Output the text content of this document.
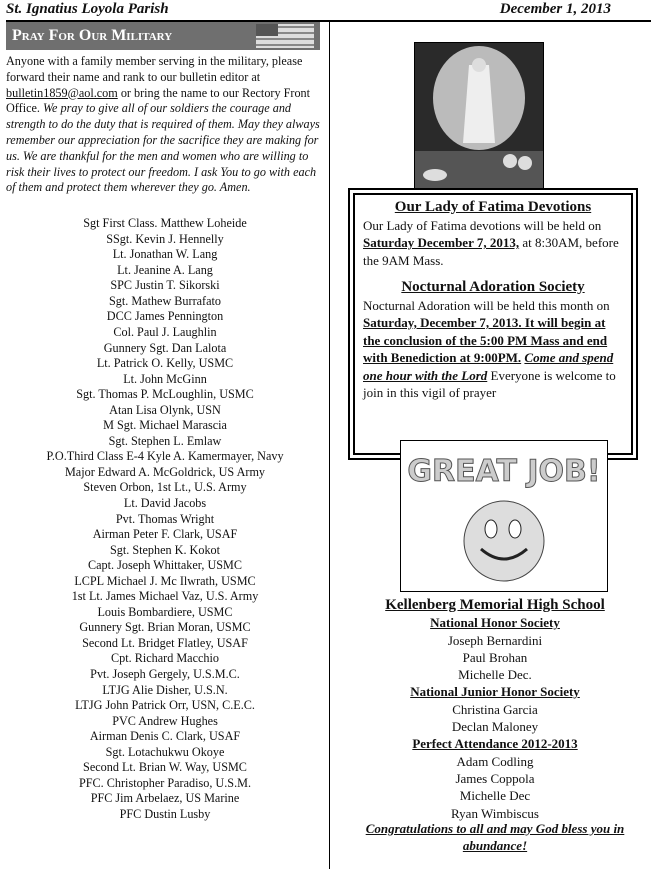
St. Ignatius Loyola Parish	December 1, 2013
Pray For Our Military
Anyone with a family member serving in the military, please forward their name and rank to our bulletin editor at bulletin1859@aol.com or bring the name to our Rectory Front Office. We pray to give all of our soldiers the courage and strength to do the duty that is required of them. May they always remember our appreciation for the sacrifice they are making for us. We are thankful for the men and women who are willing to risk their lives to protect our freedom. I ask You to go with each of them and protect them wherever they go. Amen.
Sgt First Class. Matthew Loheide
SSgt. Kevin J. Hennelly
Lt. Jonathan W. Lang
Lt. Jeanine A. Lang
SPC Justin T. Sikorski
Sgt. Mathew Burrafato
DCC James Pennington
Col. Paul J. Laughlin
Gunnery Sgt. Dan Lalota
Lt. Patrick O. Kelly, USMC
Lt. John McGinn
Sgt. Thomas P. McLoughlin, USMC
Atan Lisa Olynk, USN
M Sgt. Michael Marascia
Sgt. Stephen L. Emlaw
P.O.Third Class E-4 Kyle A. Kamermayer, Navy
Major Edward A. McGoldrick, US Army
Steven Orbon, 1st Lt., U.S. Army
Lt. David Jacobs
Pvt. Thomas Wright
Airman Peter F. Clark, USAF
Sgt. Stephen K. Kokot
Capt. Joseph Whittaker, USMC
LCPL Michael J. Mc Ilwrath, USMC
1st Lt. James Michael Vaz, U.S. Army
Louis Bombardiere, USMC
Gunnery Sgt. Brian Moran, USMC
Second Lt. Bridget Flatley, USAF
Cpt. Richard Macchio
Pvt. Joseph Gergely, U.S.M.C.
LTJG Alie Disher, U.S.N.
LTJG John Patrick Orr, USN, C.E.C.
PVC Andrew Hughes
Airman Denis C. Clark, USAF
Sgt. Lotachukwu Okoye
Second Lt. Brian W. Way, USMC
PFC. Christopher Paradiso, U.S.M.
PFC Jim Arbelaez, US Marine
PFC Dustin Lusby
Our Lady of Fatima Devotions
Our Lady of Fatima devotions will be held on Saturday December 7, 2013, at 8:30AM, before the 9AM Mass.
Nocturnal Adoration Society
Nocturnal Adoration will be held this month on Saturday, December 7, 2013. It will begin at the conclusion of the 5:00 PM Mass and end with Benediction at 9:00PM. Come and spend one hour with the Lord Everyone is welcome to join in this vigil of prayer
GREAT JOB!
Kellenberg Memorial High School
National Honor Society
Joseph Bernardini
Paul Brohan
Michelle Dec.
National Junior Honor Society
Christina Garcia
Declan Maloney
Perfect Attendance 2012-2013
Adam Codling
James Coppola
Michelle Dec
Ryan Wimbiscus
Congratulations to all and may God bless you in abundance!
